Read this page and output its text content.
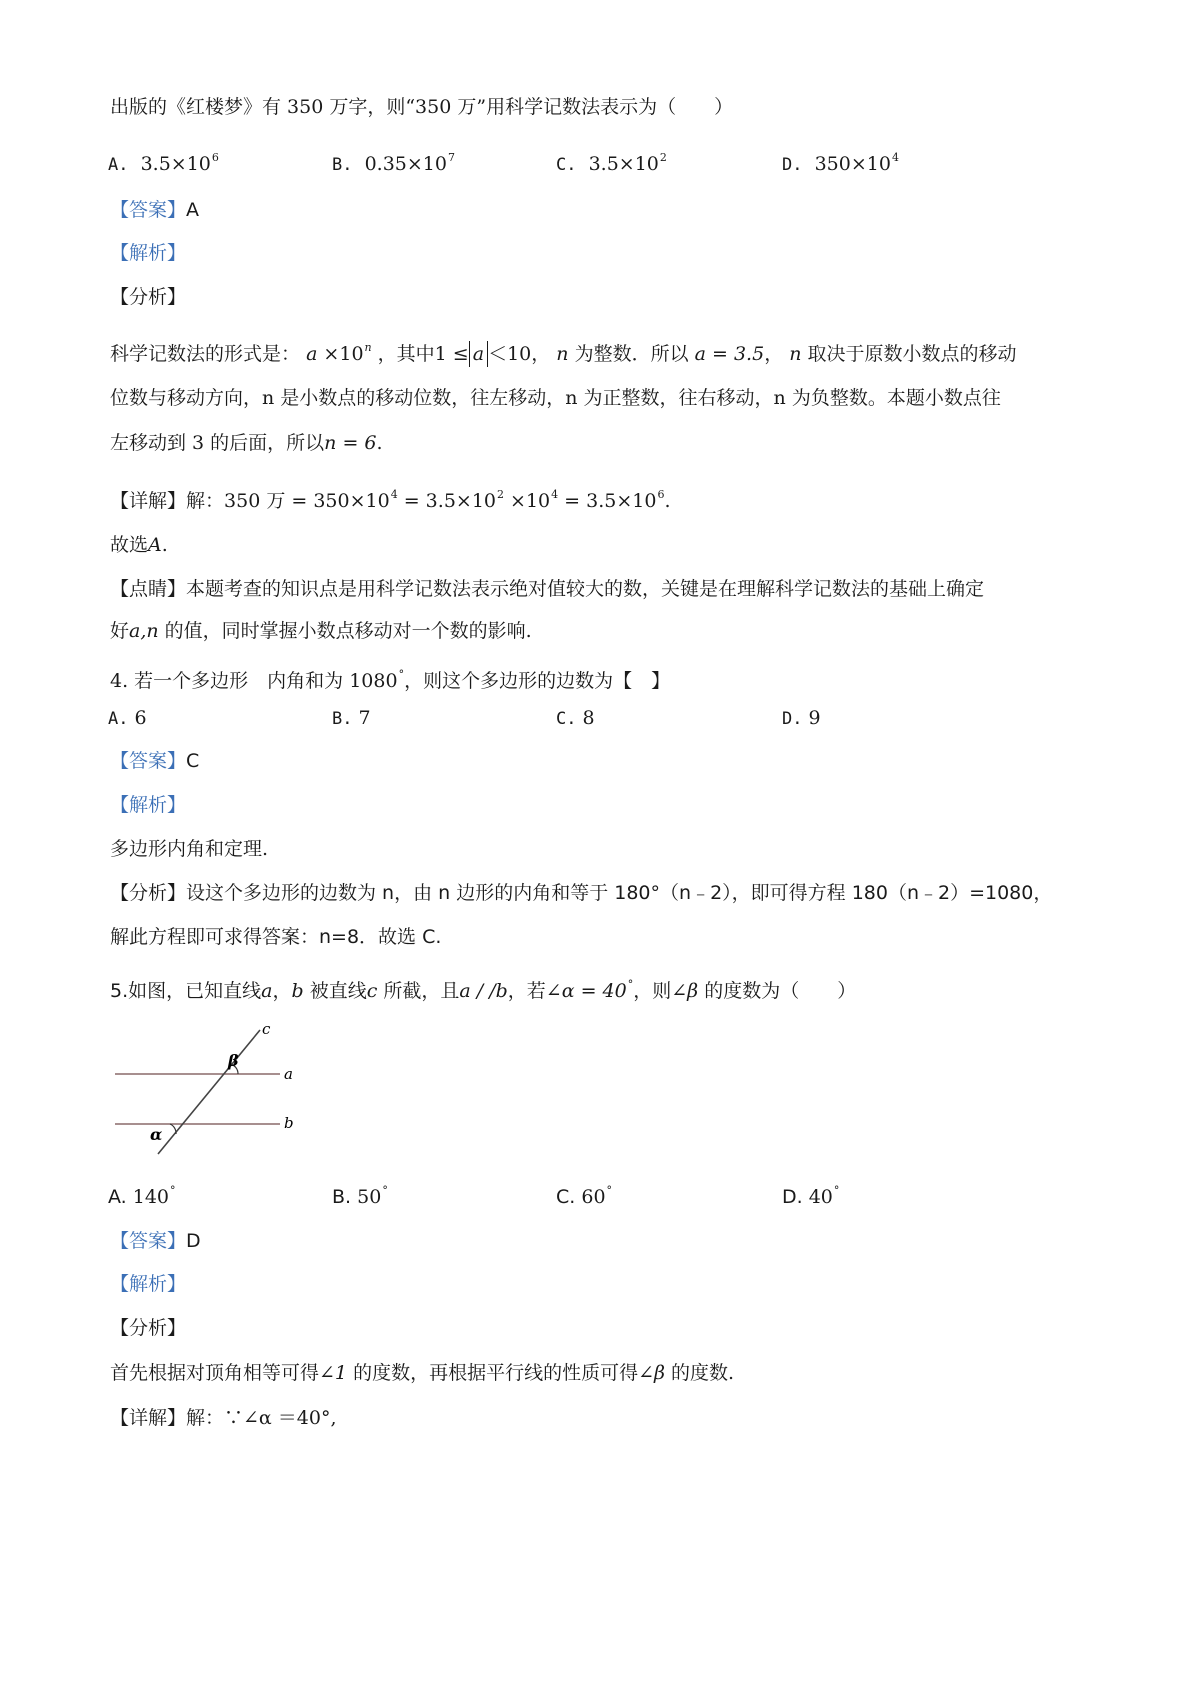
出版的《红楼梦》有 350 万字，则“350 万”用科学记数法表示为（　　）
A. $3.5\times 10^6$	B. $0.35\times 10^7$	C. $3.5\times 10^2$	D. $350\times 10^4$
【答案】A
【解析】
【分析】
科学记数法的形式是： $a \times 10^n$ ，其中1 ≤ a ＜10， n 为整数．所以 a = 3.5， n 取决于原数小数点的移动
位数与移动方向，n 是小数点的移动位数，往左移动，n 为正整数，往右移动，n 为负整数。本题小数点往
左移动到 3 的后面，所以n = 6.
【详解】解：350 万 = $350\times 10^4 = 3.5\times 10^2 \times 10^4 = 3.5\times 10^6$.
故选A.
【点睛】本题考查的知识点是用科学记数法表示绝对值较大的数，关键是在理解科学记数法的基础上确定
好a,n 的值，同时掌握小数点移动对一个数的影响.
4. 若一个多边形　内角和为 1080°，则这个多边形的边数为【　】
A. 6	B. 7	C. 8	D. 9
【答案】C
【解析】
多边形内角和定理.
【分析】设这个多边形的边数为 n，由 n 边形的内角和等于 180°（n﹣2），即可得方程 180（n﹣2）=1080，
解此方程即可求得答案：n=8．故选 C.
5.如图，已知直线a，b 被直线c 所截，且a / /b，若∠α = 40°，则∠β 的度数为（　　）
c
a
b
β
α
A. 140°	B. 50°	C. 60°	D. 40°
【答案】D
【解析】
【分析】
首先根据对顶角相等可得∠1 的度数，再根据平行线的性质可得∠β 的度数.
【详解】解：∵∠α ＝40°,
